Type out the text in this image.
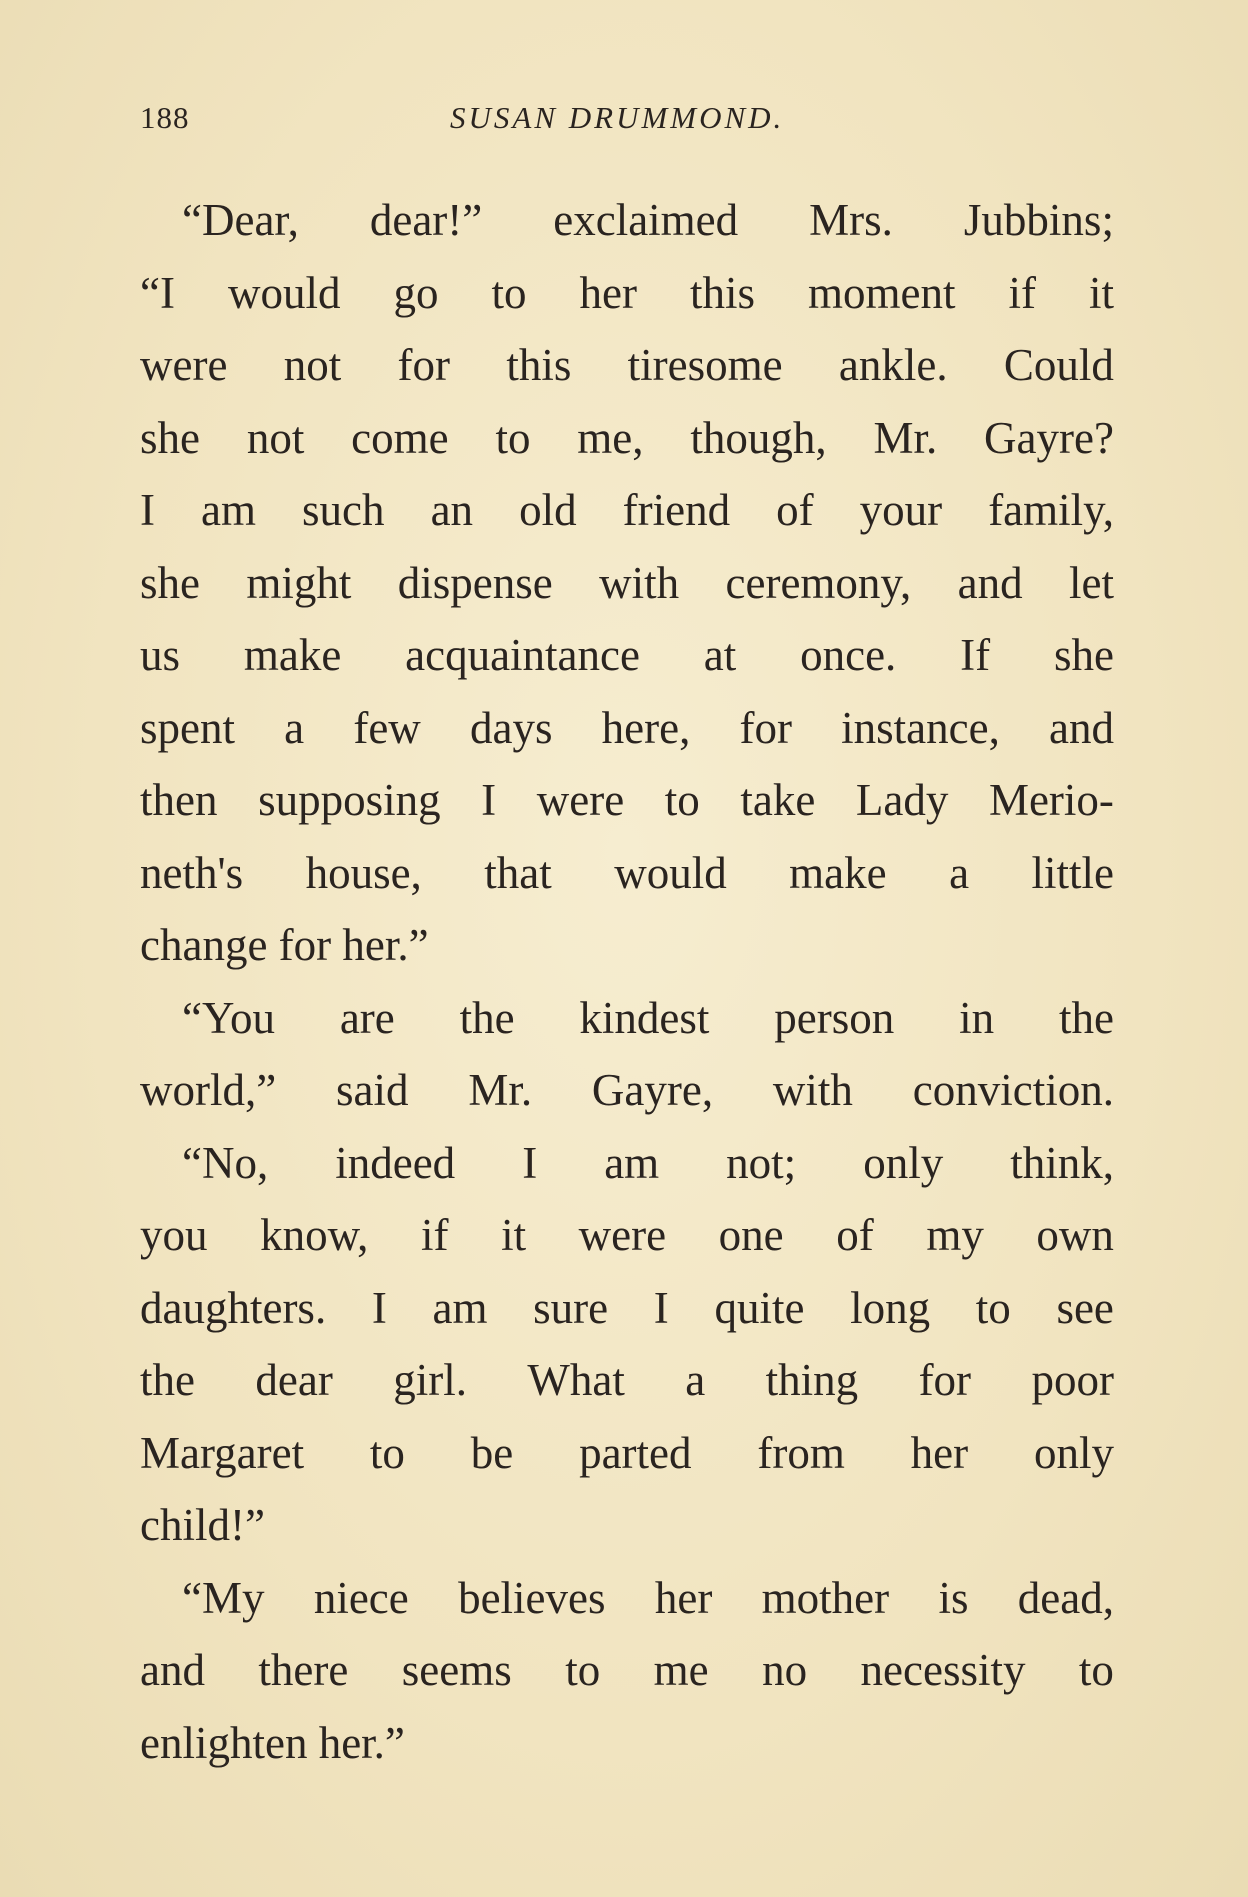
188	SUSAN DRUMMOND.
“Dear, dear!” exclaimed Mrs. Jubbins;
“I would go to her this moment if it
were not for this tiresome ankle. Could
she not come to me, though, Mr. Gayre?
I am such an old friend of your family,
she might dispense with ceremony, and let
us make acquaintance at once. If she
spent a few days here, for instance, and
then supposing I were to take Lady Merio-
neth's house, that would make a little
change for her.”
“You are the kindest person in the
world,” said Mr. Gayre, with conviction.
“No, indeed I am not; only think,
you know, if it were one of my own
daughters. I am sure I quite long to see
the dear girl. What a thing for poor
Margaret to be parted from her only
child!”
“My niece believes her mother is dead,
and there seems to me no necessity to
enlighten her.”
